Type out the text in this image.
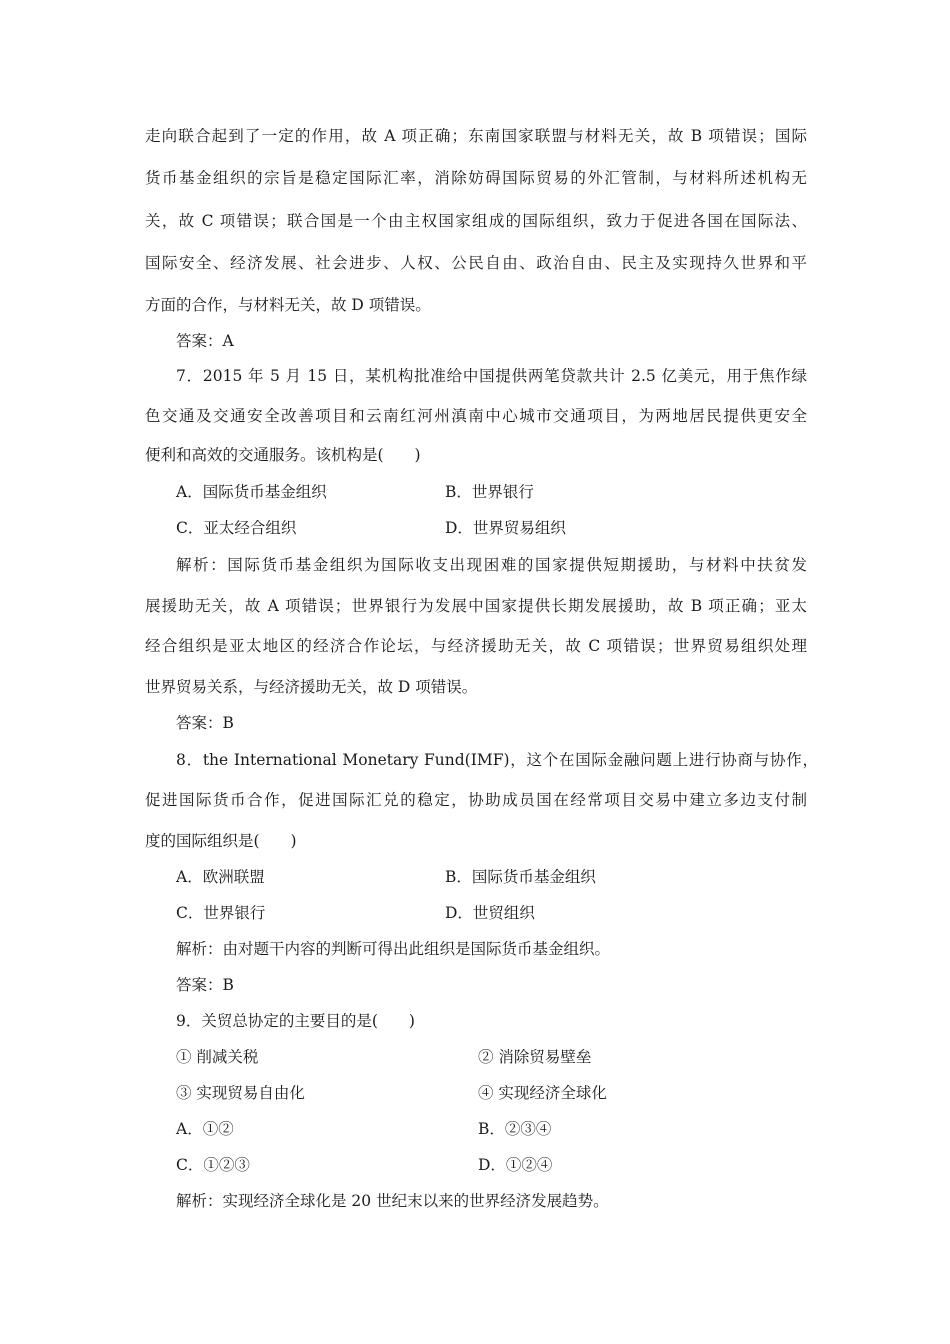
走向联合起到了一定的作用，故 A 项正确；东南国家联盟与材料无关，故 B 项错误；国际
货币基金组织的宗旨是稳定国际汇率，消除妨碍国际贸易的外汇管制，与材料所述机构无
关，故 C 项错误；联合国是一个由主权国家组成的国际组织，致力于促进各国在国际法、
国际安全、经济发展、社会进步、人权、公民自由、政治自由、民主及实现持久世界和平
方面的合作，与材料无关，故 D 项错误。
答案：A
7．2015 年 5 月 15 日，某机构批准给中国提供两笔贷款共计 2.5 亿美元，用于焦作绿
色交通及交通安全改善项目和云南红河州滇南中心城市交通项目，为两地居民提供更安全
便利和高效的交通服务。该机构是(　　)
A．国际货币基金组织	B．世界银行
C．亚太经合组织	D．世界贸易组织
解析：国际货币基金组织为国际收支出现困难的国家提供短期援助，与材料中扶贫发
展援助无关，故 A 项错误；世界银行为发展中国家提供长期发展援助，故 B 项正确；亚太
经合组织是亚太地区的经济合作论坛，与经济援助无关，故 C 项错误；世界贸易组织处理
世界贸易关系，与经济援助无关，故 D 项错误。
答案：B
8．the International Monetary Fund(IMF)，这个在国际金融问题上进行协商与协作，
促进国际货币合作，促进国际汇兑的稳定，协助成员国在经常项目交易中建立多边支付制
度的国际组织是(　　)
A．欧洲联盟	B．国际货币基金组织
C．世界银行	D．世贸组织
解析：由对题干内容的判断可得出此组织是国际货币基金组织。
答案：B
9．关贸总协定的主要目的是(　　)
① 削减关税	② 消除贸易壁垒
③ 实现贸易自由化	④ 实现经济全球化
A．①②	B．②③④
C．①②③	D．①②④
解析：实现经济全球化是 20 世纪末以来的世界经济发展趋势。
